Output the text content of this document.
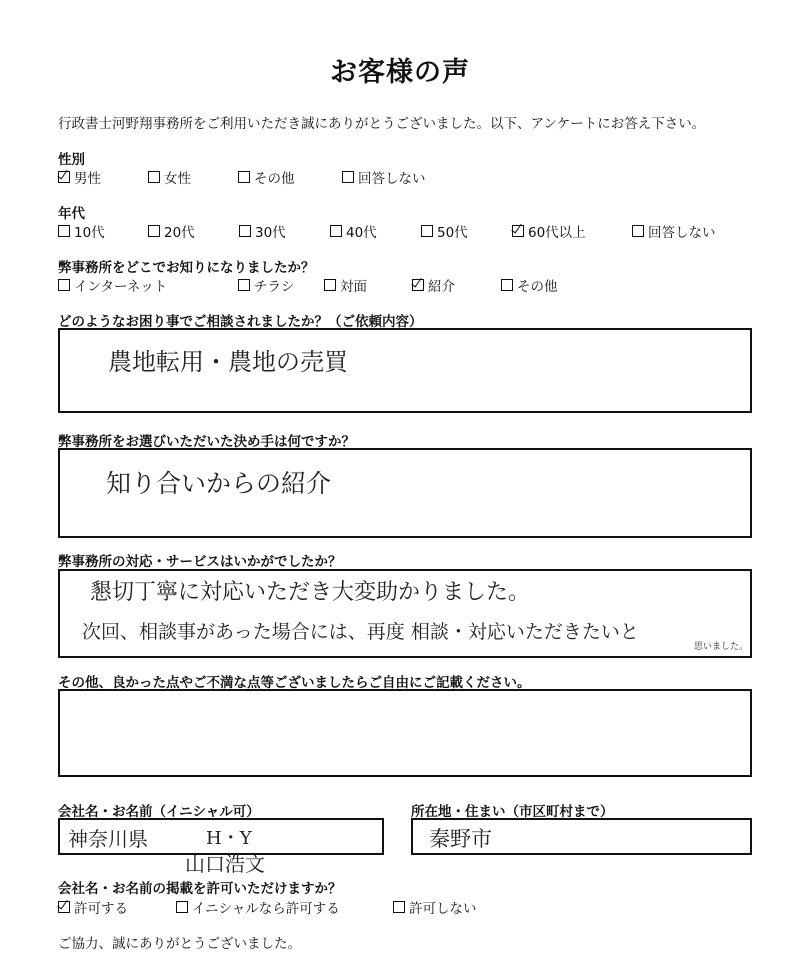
お客様の声
行政書士河野翔事務所をご利用いただき誠にありがとうございました。以下、アンケートにお答え下さい。
性別
男性	女性	その他	回答しない
年代
10代	20代	30代	40代	50代	60代以上	回答しない
弊事務所をどこでお知りになりましたか？
インターネット	チラシ	対面	紹介	その他
どのようなお困り事でご相談されましたか？（ご依頼内容）
農地転用・農地の売買
弊事務所をお選びいただいた決め手は何ですか？
知り合いからの紹介
弊事務所の対応・サービスはいかがでしたか？
懇切丁寧に対応いただき大変助かりました。
次回、相談事があった場合には、再度 相談・対応いただきたいと
思いました。
その他、良かった点やご不満な点等ございましたらご自由にご記載ください。
会社名・お名前（イニシャル可）
神奈川県	H・Y
山口浩文
所在地・住まい（市区町村まで）
秦野市
会社名・お名前の掲載を許可いただけますか？
許可する	イニシャルなら許可する	許可しない
ご協力、誠にありがとうございました。
